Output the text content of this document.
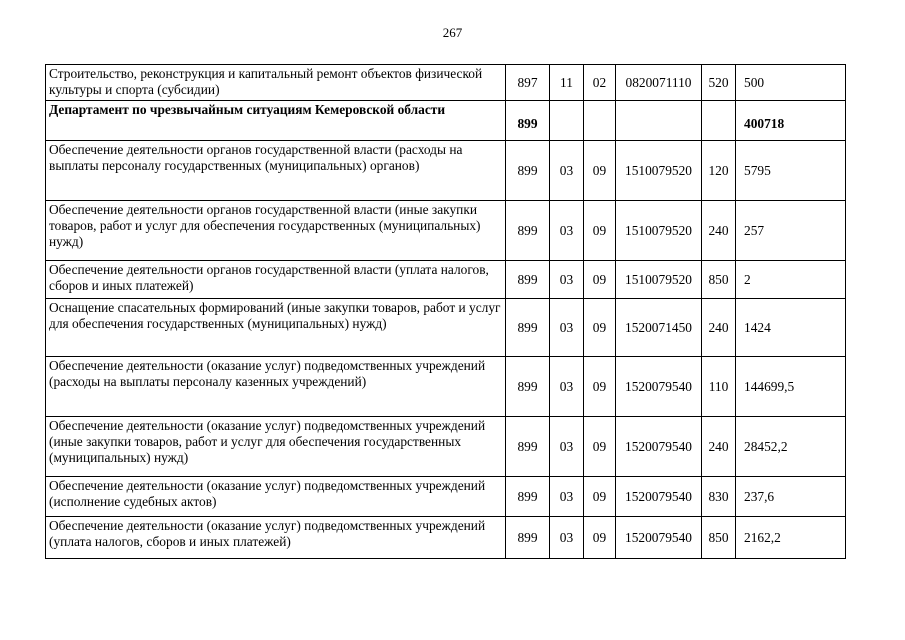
267
Строительство, реконструкция и капитальный ремонт объектов физической культуры и спорта (субсидии)	897	11	02	0820071110	520	500
Департамент по чрезвычайным ситуациям Кемеровской области	899					400718
Обеспечение деятельности органов государственной власти (расходы на выплаты персоналу государственных (муниципальных) органов)	899	03	09	1510079520	120	5795
Обеспечение деятельности органов государственной власти (иные закупки товаров, работ и услуг для обеспечения государственных (муниципальных) нужд)	899	03	09	1510079520	240	257
Обеспечение деятельности органов государственной власти (уплата налогов, сборов и иных платежей)	899	03	09	1510079520	850	2
Оснащение спасательных формирований (иные закупки товаров, работ и услуг для обеспечения государственных (муниципальных) нужд)	899	03	09	1520071450	240	1424
Обеспечение деятельности (оказание услуг) подведомственных учреждений (расходы на выплаты персоналу казенных учреждений)	899	03	09	1520079540	110	144699,5
Обеспечение деятельности (оказание услуг) подведомственных учреждений (иные закупки товаров, работ и услуг для обеспечения государственных (муниципальных) нужд)	899	03	09	1520079540	240	28452,2
Обеспечение деятельности (оказание услуг) подведомственных учреждений (исполнение судебных актов)	899	03	09	1520079540	830	237,6
Обеспечение деятельности (оказание услуг) подведомственных учреждений (уплата налогов, сборов и иных платежей)	899	03	09	1520079540	850	2162,2
